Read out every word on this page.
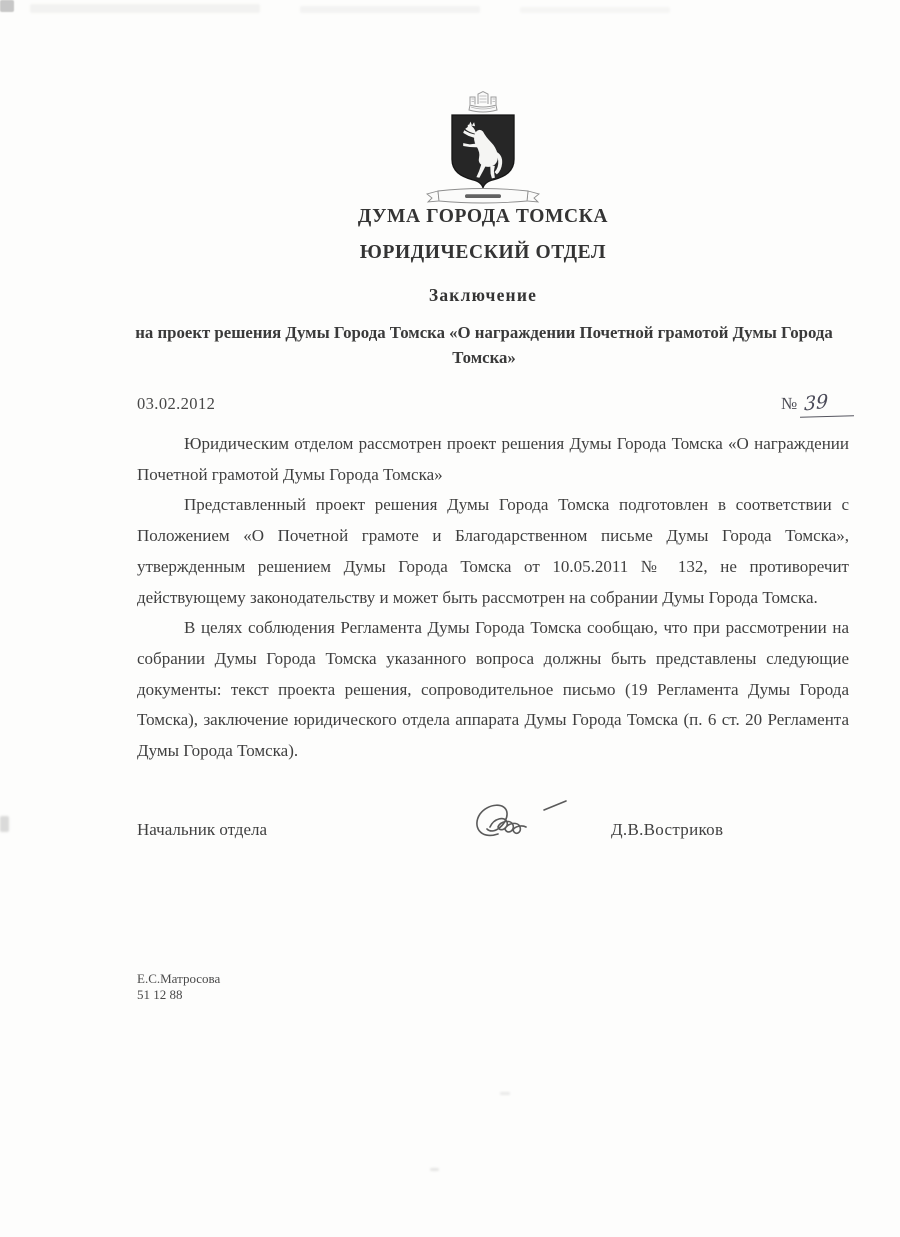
ДУМА ГОРОДА ТОМСКА
ЮРИДИЧЕСКИЙ ОТДЕЛ
Заключение
на проект решения Думы Города Томска «О награждении Почетной грамотой Думы Города Томска»
03.02.2012	№ 39

Юридическим отделом рассмотрен проект решения Думы Города Томска «О награждении Почетной грамотой Думы Города Томска»

Представленный проект решения Думы Города Томска подготовлен в соответствии с Положением «О Почетной грамоте и Благодарственном письме Думы Города Томска», утвержденным решением Думы Города Томска от 10.05.2011 № 132, не противоречит действующему законодательству и может быть рассмотрен на собрании Думы Города Томска.

В целях соблюдения Регламента Думы Города Томска сообщаю, что при рассмотрении на собрании Думы Города Томска указанного вопроса должны быть представлены следующие документы: текст проекта решения, сопроводительное письмо (19 Регламента Думы Города Томска), заключение юридического отдела аппарата Думы Города Томска (п. 6 ст. 20 Регламента Думы Города Томска).

Начальник отдела	Д.В.Востриков
Е.С.Матросова
51 12 88
